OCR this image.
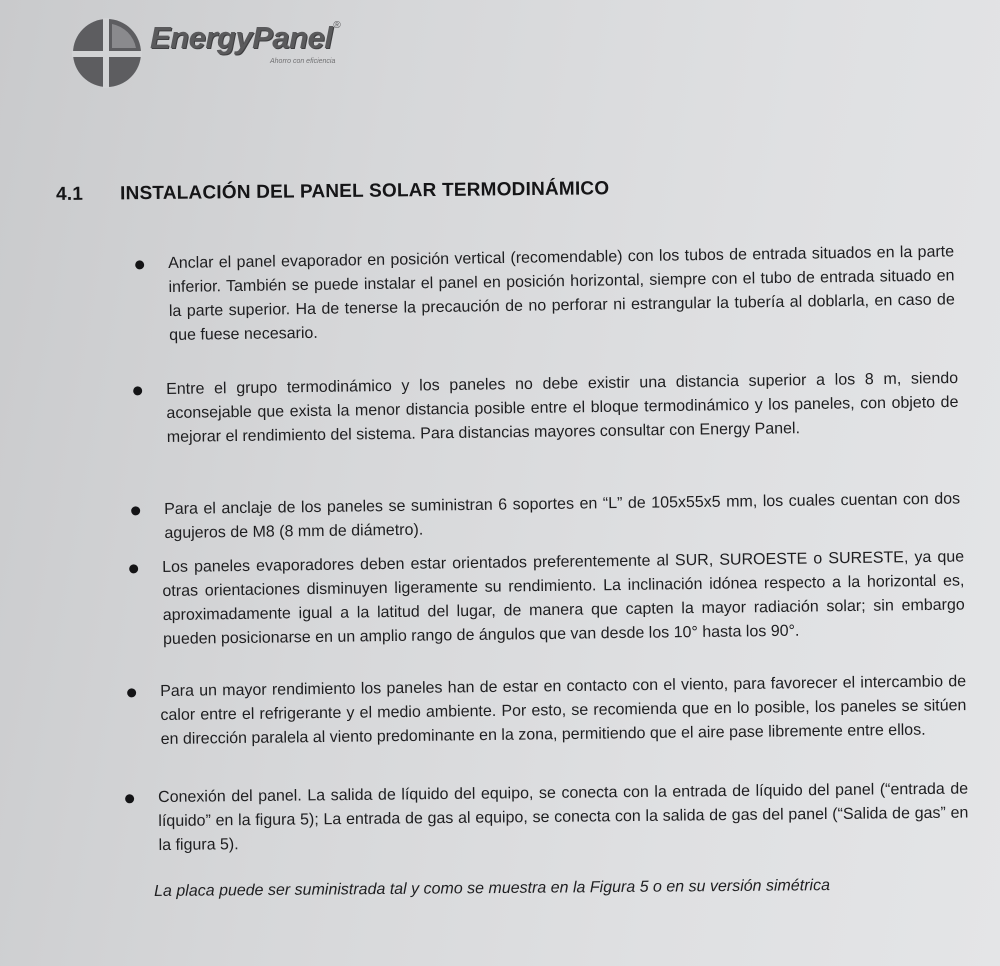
EnergyPanel®
Ahorro con eficiencia
4.1 INSTALACIÓN DEL PANEL SOLAR TERMODINÁMICO
Anclar el panel evaporador en posición vertical (recomendable) con los tubos de entrada situados en la parte inferior. También se puede instalar el panel en posición horizontal, siempre con el tubo de entrada situado en la parte superior. Ha de tenerse la precaución de no perforar ni estrangular la tubería al doblarla, en caso de que fuese necesario.
Entre el grupo termodinámico y los paneles no debe existir una distancia superior a los 8 m, siendo aconsejable que exista la menor distancia posible entre el bloque termodinámico y los paneles, con objeto de mejorar el rendimiento del sistema. Para distancias mayores consultar con Energy Panel.
Para el anclaje de los paneles se suministran 6 soportes en “L” de 105x55x5 mm, los cuales cuentan con dos agujeros de M8 (8 mm de diámetro).
Los paneles evaporadores deben estar orientados preferentemente al SUR, SUROESTE o SURESTE, ya que otras orientaciones disminuyen ligeramente su rendimiento. La inclinación idónea respecto a la horizontal es, aproximadamente igual a la latitud del lugar, de manera que capten la mayor radiación solar; sin embargo pueden posicionarse en un amplio rango de ángulos que van desde los 10° hasta los 90°.
Para un mayor rendimiento los paneles han de estar en contacto con el viento, para favorecer el intercambio de calor entre el refrigerante y el medio ambiente. Por esto, se recomienda que en lo posible, los paneles se sitúen en dirección paralela al viento predominante en la zona, permitiendo que el aire pase libremente entre ellos.
Conexión del panel. La salida de líquido del equipo, se conecta con la entrada de líquido del panel (“entrada de líquido” en la figura 5); La entrada de gas al equipo, se conecta con la salida de gas del panel (“Salida de gas” en la figura 5).
La placa puede ser suministrada tal y como se muestra en la Figura 5 o en su versión simétrica
